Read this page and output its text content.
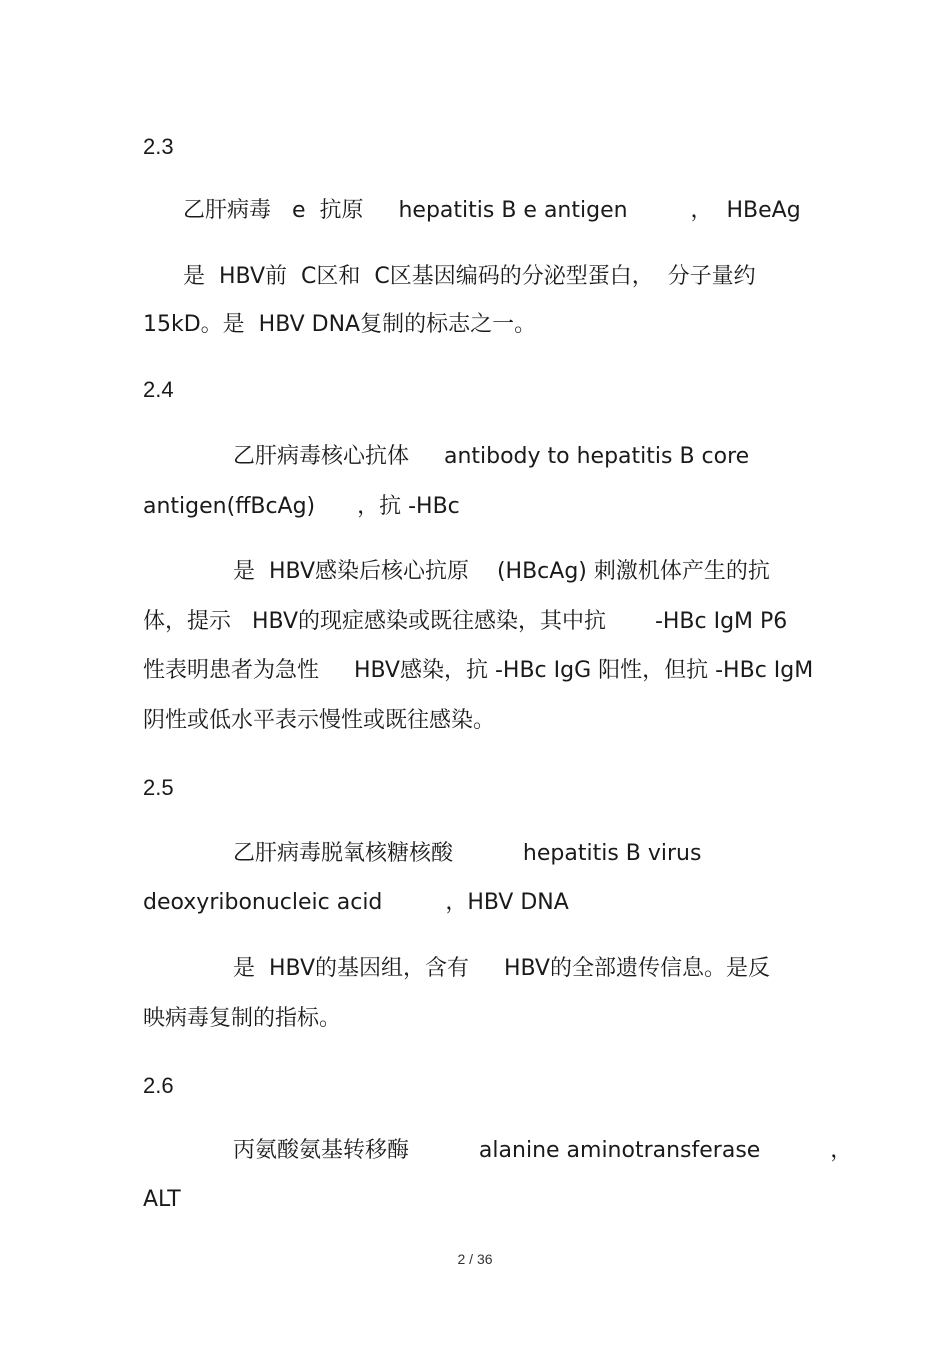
2.3
乙肝病毒   e  抗原     hepatitis B e antigen         ，  HBeAg
是  HBV前  C区和  C区基因编码的分泌型蛋白，  分子量约
15kD。是  HBV DNA复制的标志之一。
2.4
乙肝病毒核心抗体     antibody to hepatitis B core
antigen(ffBcAg)      ，抗 -HBc
是  HBV感染后核心抗原    (HBcAg) 刺激机体产生的抗
体，提示   HBV的现症感染或既往感染，其中抗       -HBc IgM P6
性表明患者为急性     HBV感染，抗 -HBc IgG 阳性，但抗 -HBc IgM
阴性或低水平表示慢性或既往感染。
2.5
乙肝病毒脱氧核糖核酸          hepatitis B virus
deoxyribonucleic acid         ，HBV DNA
是  HBV的基因组，含有     HBV的全部遗传信息。是反
映病毒复制的指标。
2.6
丙氨酸氨基转移酶          alanine aminotransferase          ，
ALT
2 / 36
